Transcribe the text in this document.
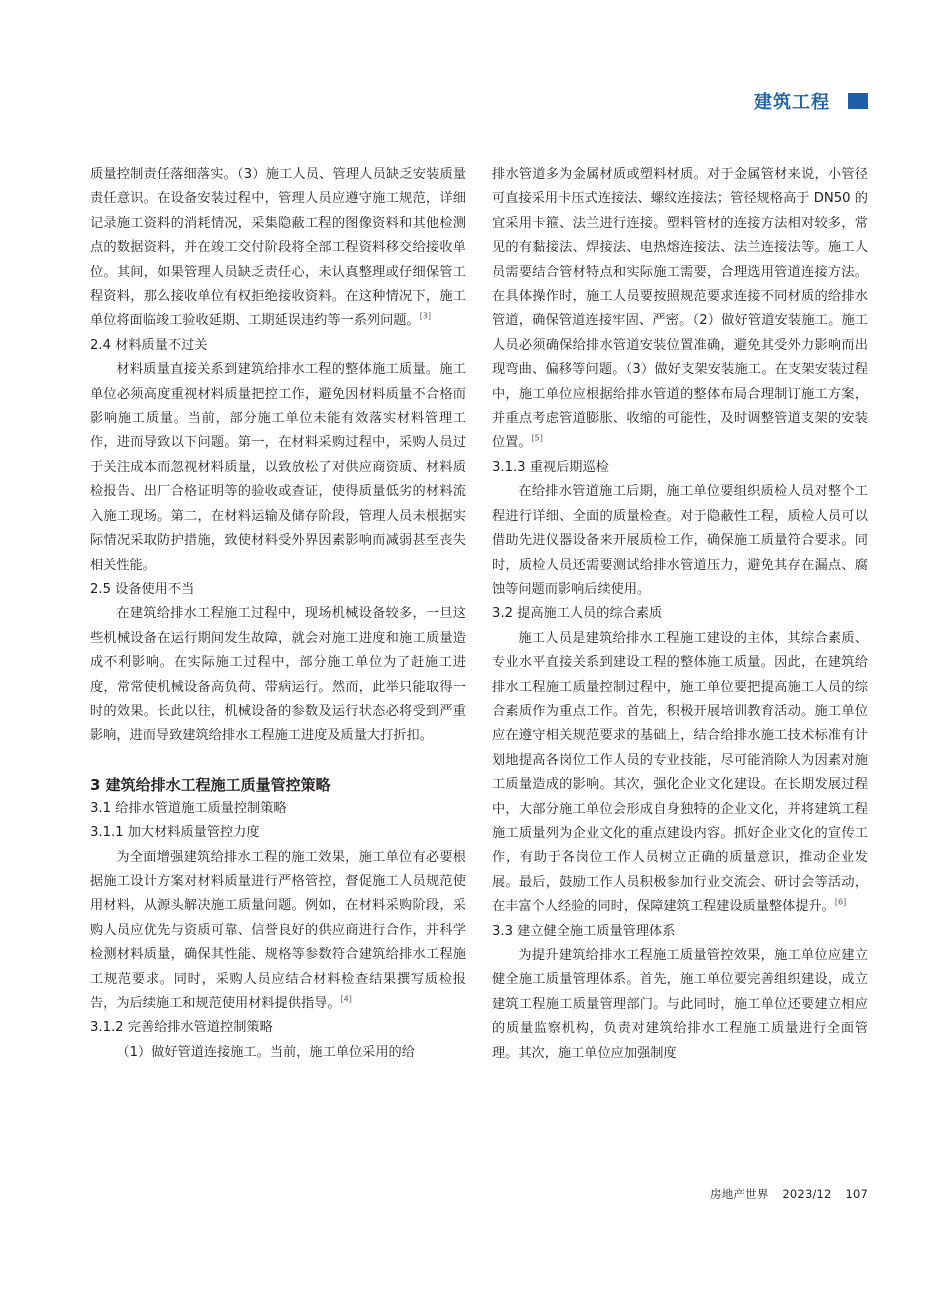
建筑工程

质量控制责任落细落实。（3）施工人员、管理人员缺乏安装质量责任意识。在设备安装过程中，管理人员应遵守施工规范，详细记录施工资料的消耗情况，采集隐蔽工程的图像资料和其他检测点的数据资料，并在竣工交付阶段将全部工程资料移交给接收单位。其间，如果管理人员缺乏责任心，未认真整理或仔细保管工程资料，那么接收单位有权拒绝接收资料。在这种情况下，施工单位将面临竣工验收延期、工期延误违约等一系列问题。[3]

2.4 材料质量不过关

材料质量直接关系到建筑给排水工程的整体施工质量。施工单位必须高度重视材料质量把控工作，避免因材料质量不合格而影响施工质量。当前，部分施工单位未能有效落实材料管理工作，进而导致以下问题。第一，在材料采购过程中，采购人员过于关注成本而忽视材料质量，以致放松了对供应商资质、材料质检报告、出厂合格证明等的验收或查证，使得质量低劣的材料流入施工现场。第二，在材料运输及储存阶段，管理人员未根据实际情况采取防护措施，致使材料受外界因素影响而减弱甚至丧失相关性能。

2.5 设备使用不当

在建筑给排水工程施工过程中，现场机械设备较多，一旦这些机械设备在运行期间发生故障，就会对施工进度和施工质量造成不利影响。在实际施工过程中，部分施工单位为了赶施工进度，常常使机械设备高负荷、带病运行。然而，此举只能取得一时的效果。长此以往，机械设备的参数及运行状态必将受到严重影响，进而导致建筑给排水工程施工进度及质量大打折扣。

3 建筑给排水工程施工质量管控策略

3.1 给排水管道施工质量控制策略

3.1.1 加大材料质量管控力度

为全面增强建筑给排水工程的施工效果，施工单位有必要根据施工设计方案对材料质量进行严格管控，督促施工人员规范使用材料，从源头解决施工质量问题。例如，在材料采购阶段，采购人员应优先与资质可靠、信誉良好的供应商进行合作，并科学检测材料质量，确保其性能、规格等参数符合建筑给排水工程施工规范要求。同时，采购人员应结合材料检查结果撰写质检报告，为后续施工和规范使用材料提供指导。[4]

3.1.2 完善给排水管道控制策略

（1）做好管道连接施工。当前，施工单位采用的给

排水管道多为金属材质或塑料材质。对于金属管材来说，小管径可直接采用卡压式连接法、螺纹连接法；管径规格高于 DN50 的宜采用卡箍、法兰进行连接。塑料管材的连接方法相对较多，常见的有黏接法、焊接法、电热熔连接法、法兰连接法等。施工人员需要结合管材特点和实际施工需要，合理选用管道连接方法。在具体操作时，施工人员要按照规范要求连接不同材质的给排水管道，确保管道连接牢固、严密。（2）做好管道安装施工。施工人员必须确保给排水管道安装位置准确，避免其受外力影响而出现弯曲、偏移等问题。（3）做好支架安装施工。在支架安装过程中，施工单位应根据给排水管道的整体布局合理制订施工方案，并重点考虑管道膨胀、收缩的可能性，及时调整管道支架的安装位置。[5]

3.1.3 重视后期巡检

在给排水管道施工后期，施工单位要组织质检人员对整个工程进行详细、全面的质量检查。对于隐蔽性工程，质检人员可以借助先进仪器设备来开展质检工作，确保施工质量符合要求。同时，质检人员还需要测试给排水管道压力，避免其存在漏点、腐蚀等问题而影响后续使用。

3.2 提高施工人员的综合素质

施工人员是建筑给排水工程施工建设的主体，其综合素质、专业水平直接关系到建设工程的整体施工质量。因此，在建筑给排水工程施工质量控制过程中，施工单位要把提高施工人员的综合素质作为重点工作。首先，积极开展培训教育活动。施工单位应在遵守相关规范要求的基础上，结合给排水施工技术标准有计划地提高各岗位工作人员的专业技能，尽可能消除人为因素对施工质量造成的影响。其次，强化企业文化建设。在长期发展过程中，大部分施工单位会形成自身独特的企业文化，并将建筑工程施工质量列为企业文化的重点建设内容。抓好企业文化的宣传工作，有助于各岗位工作人员树立正确的质量意识，推动企业发展。最后，鼓励工作人员积极参加行业交流会、研讨会等活动，在丰富个人经验的同时，保障建筑工程建设质量整体提升。[6]

3.3 建立健全施工质量管理体系

为提升建筑给排水工程施工质量管控效果，施工单位应建立健全施工质量管理体系。首先，施工单位要完善组织建设，成立建筑工程施工质量管理部门。与此同时，施工单位还要建立相应的质量监察机构，负责对建筑给排水工程施工质量进行全面管理。其次，施工单位应加强制度

房地产世界 2023/12 107
